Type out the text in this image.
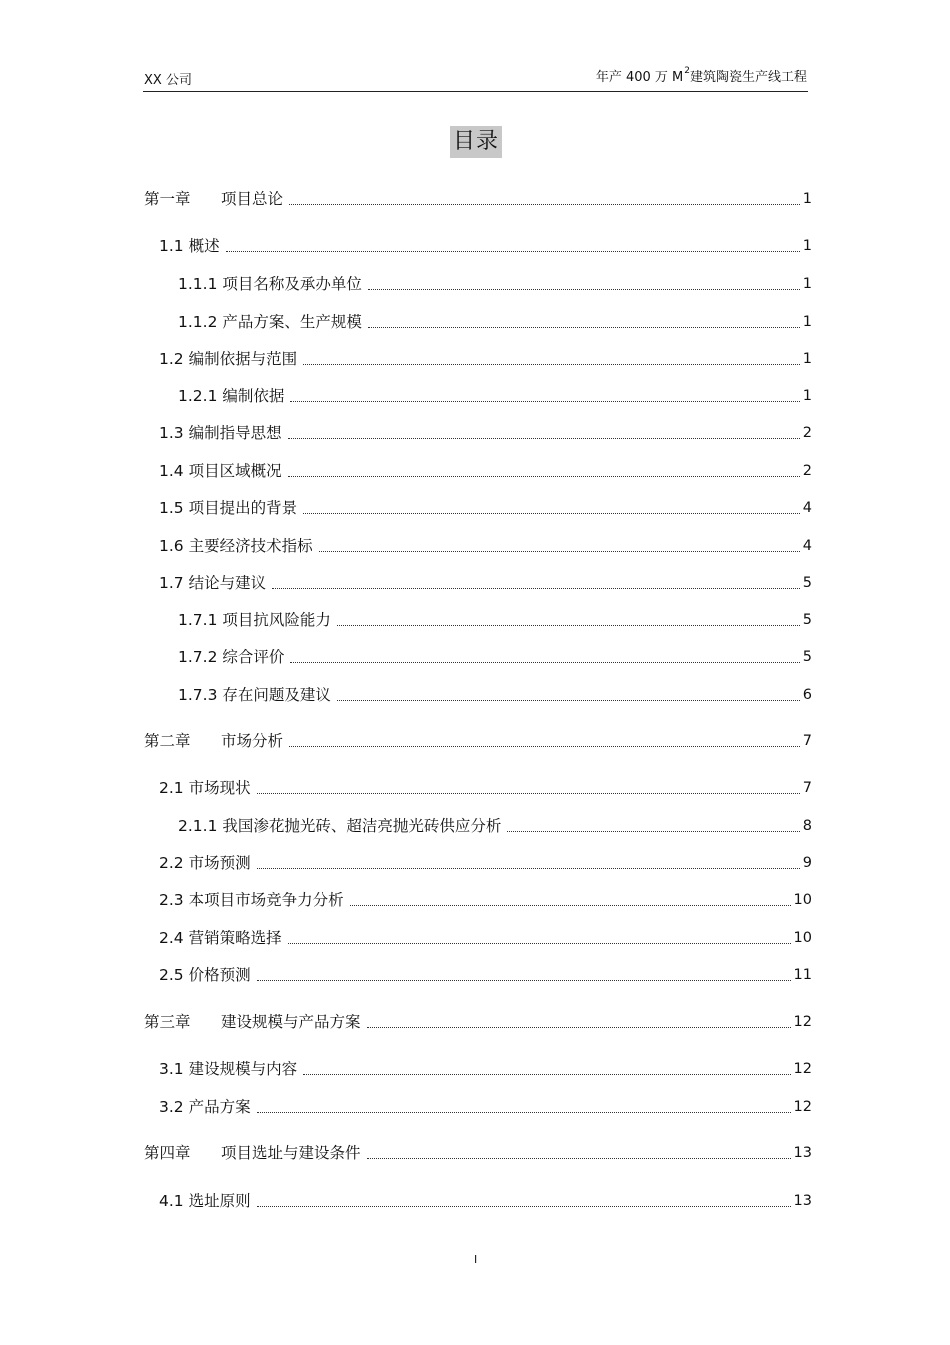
XX 公司	年产 400 万 $M^2$建筑陶瓷生产线工程
目录
第一章 项目总论	1
1.1 概述	1
1.1.1 项目名称及承办单位	1
1.1.2 产品方案、生产规模	1
1.2 编制依据与范围	1
1.2.1 编制依据	1
1.3 编制指导思想	2
1.4 项目区域概况	2
1.5 项目提出的背景	4
1.6 主要经济技术指标	4
1.7 结论与建议	5
1.7.1 项目抗风险能力	5
1.7.2 综合评价	5
1.7.3 存在问题及建议	6
第二章 市场分析	7
2.1 市场现状	7
2.1.1 我国渗花抛光砖、超洁亮抛光砖供应分析	8
2.2 市场预测	9
2.3 本项目市场竞争力分析	10
2.4 营销策略选择	10
2.5 价格预测	11
第三章 建设规模与产品方案	12
3.1 建设规模与内容	12
3.2 产品方案	12
第四章 项目选址与建设条件	13
4.1 选址原则	13
I
